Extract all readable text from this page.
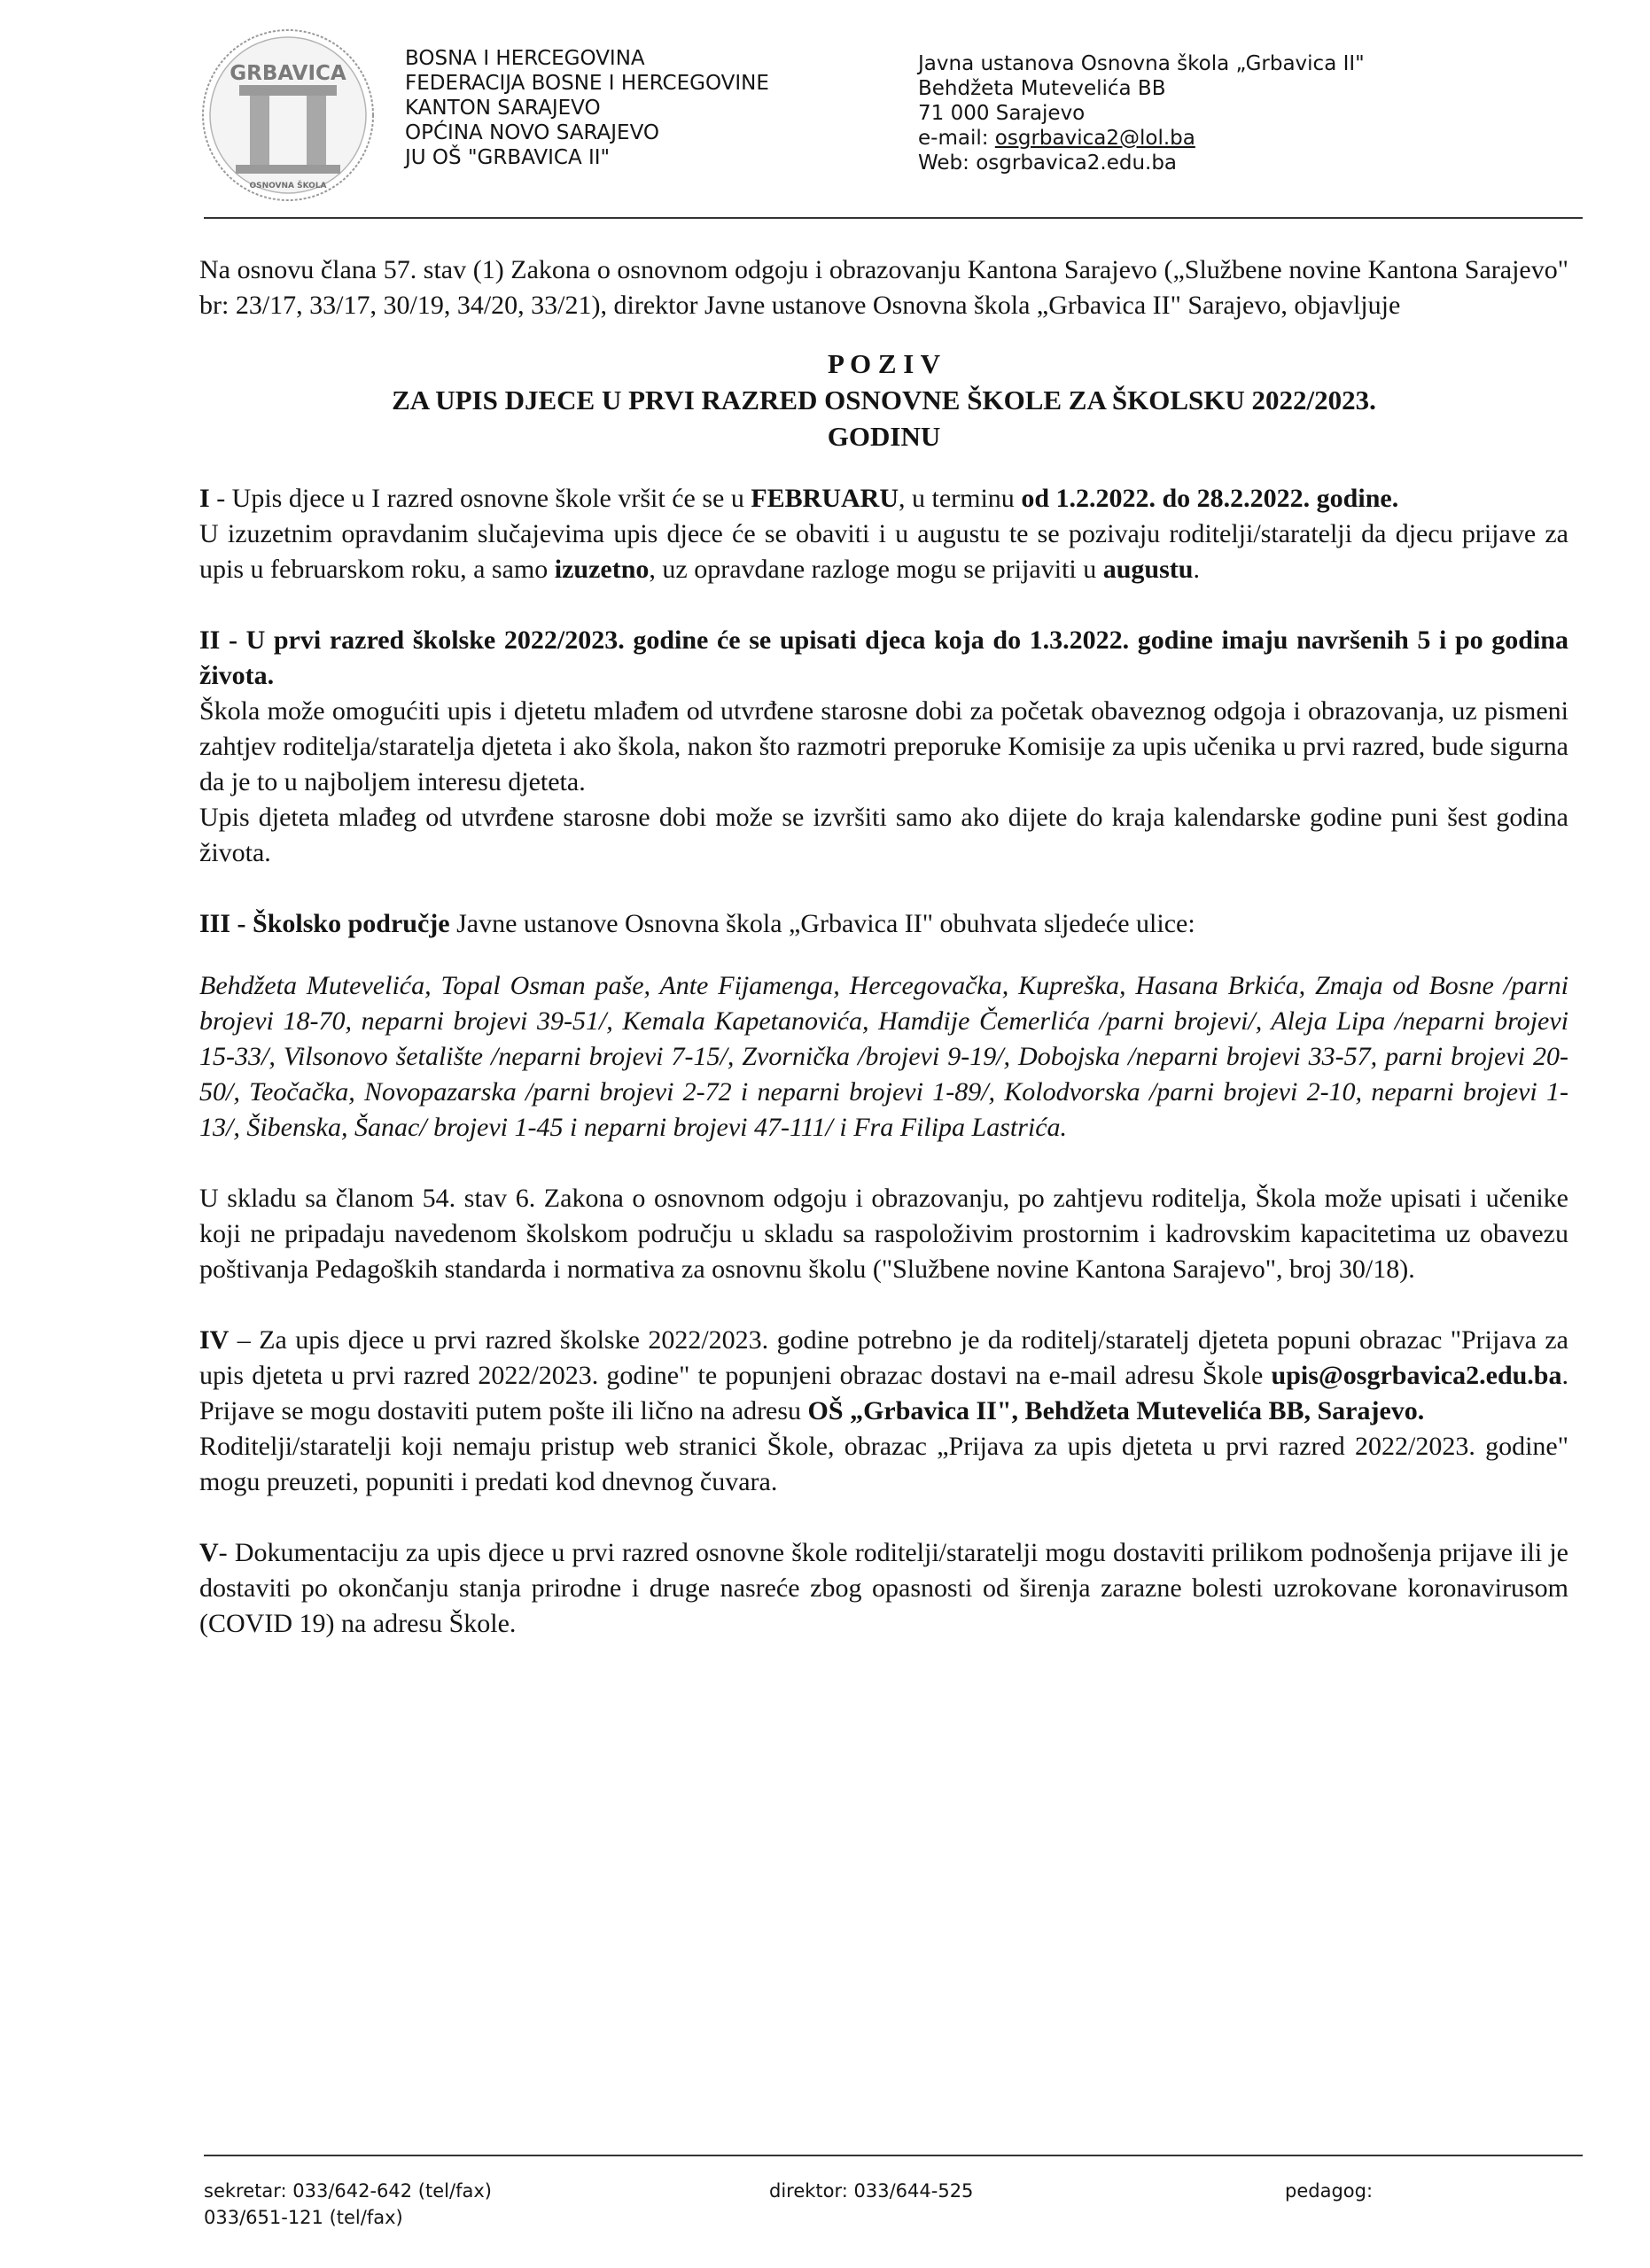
GRBAVICA
OSNOVNA ŠKOLA
BOSNA I HERCEGOVINA
FEDERACIJA BOSNE I HERCEGOVINE
KANTON SARAJEVO
OPĆINA NOVO SARAJEVO
JU OŠ "GRBAVICA II"
Javna ustanova Osnovna škola „Grbavica II"
Behdžeta Mutevelića BB
71 000 Sarajevo
e-mail: osgrbavica2@lol.ba
Web: osgrbavica2.edu.ba

Na osnovu člana 57. stav (1) Zakona o osnovnom odgoju i obrazovanju Kantona Sarajevo („Službene novine Kantona Sarajevo" br: 23/17, 33/17, 30/19, 34/20, 33/21), direktor Javne ustanove Osnovna škola „Grbavica II" Sarajevo, objavljuje

P O Z I V
ZA UPIS DJECE U PRVI RAZRED OSNOVNE ŠKOLE ZA ŠKOLSKU 2022/2023.
GODINU

I - Upis djece u I razred osnovne škole vršit će se u FEBRUARU, u terminu od 1.2.2022. do 28.2.2022. godine.

U izuzetnim opravdanim slučajevima upis djece će se obaviti i u augustu te se pozivaju roditelji/staratelji da djecu prijave za upis u februarskom roku, a samo izuzetno, uz opravdane razloge mogu se prijaviti u augustu.

II - U prvi razred školske 2022/2023. godine će se upisati djeca koja do 1.3.2022. godine imaju navršenih 5 i po godina života.

Škola može omogućiti upis i djetetu mlađem od utvrđene starosne dobi za početak obaveznog odgoja i obrazovanja, uz pismeni zahtjev roditelja/staratelja djeteta i ako škola, nakon što razmotri preporuke Komisije za upis učenika u prvi razred, bude sigurna da je to u najboljem interesu djeteta.

Upis djeteta mlađeg od utvrđene starosne dobi može se izvršiti samo ako dijete do kraja kalendarske godine puni šest godina života.

III - Školsko područje Javne ustanove Osnovna škola „Grbavica II" obuhvata sljedeće ulice:

Behdžeta Mutevelića, Topal Osman paše, Ante Fijamenga, Hercegovačka, Kupreška, Hasana Brkića, Zmaja od Bosne /parni brojevi 18-70, neparni brojevi 39-51/, Kemala Kapetanovića, Hamdije Čemerlića /parni brojevi/, Aleja Lipa /neparni brojevi 15-33/, Vilsonovo šetalište /neparni brojevi 7-15/, Zvornička /brojevi 9-19/, Dobojska /neparni brojevi 33-57, parni brojevi 20-50/, Teočačka, Novopazarska /parni brojevi 2-72 i neparni brojevi 1-89/, Kolodvorska /parni brojevi 2-10, neparni brojevi 1-13/, Šibenska, Šanac/ brojevi 1-45 i neparni brojevi 47-111/ i Fra Filipa Lastrića.

U skladu sa članom 54. stav 6. Zakona o osnovnom odgoju i obrazovanju, po zahtjevu roditelja, Škola može upisati i učenike koji ne pripadaju navedenom školskom području u skladu sa raspoloživim prostornim i kadrovskim kapacitetima uz obavezu poštivanja Pedagoških standarda i normativa za osnovnu školu ("Službene novine Kantona Sarajevo", broj 30/18).

IV – Za upis djece u prvi razred školske 2022/2023. godine potrebno je da roditelj/staratelj djeteta popuni obrazac "Prijava za upis djeteta u prvi razred 2022/2023. godine" te popunjeni obrazac dostavi na e-mail adresu Škole upis@osgrbavica2.edu.ba. Prijave se mogu dostaviti putem pošte ili lično na adresu OŠ „Grbavica II", Behdžeta Mutevelića BB, Sarajevo.

Roditelji/staratelji koji nemaju pristup web stranici Škole, obrazac „Prijava za upis djeteta u prvi razred 2022/2023. godine" mogu preuzeti, popuniti i predati kod dnevnog čuvara.

V- Dokumentaciju za upis djece u prvi razred osnovne škole roditelji/staratelji mogu dostaviti prilikom podnošenja prijave ili je dostaviti po okončanju stanja prirodne i druge nasreće zbog opasnosti od širenja zarazne bolesti uzrokovane koronavirusom (COVID 19) na adresu Škole.

sekretar: 033/642-642 (tel/fax)
033/651-121 (tel/fax)
direktor: 033/644-525	pedagog:
